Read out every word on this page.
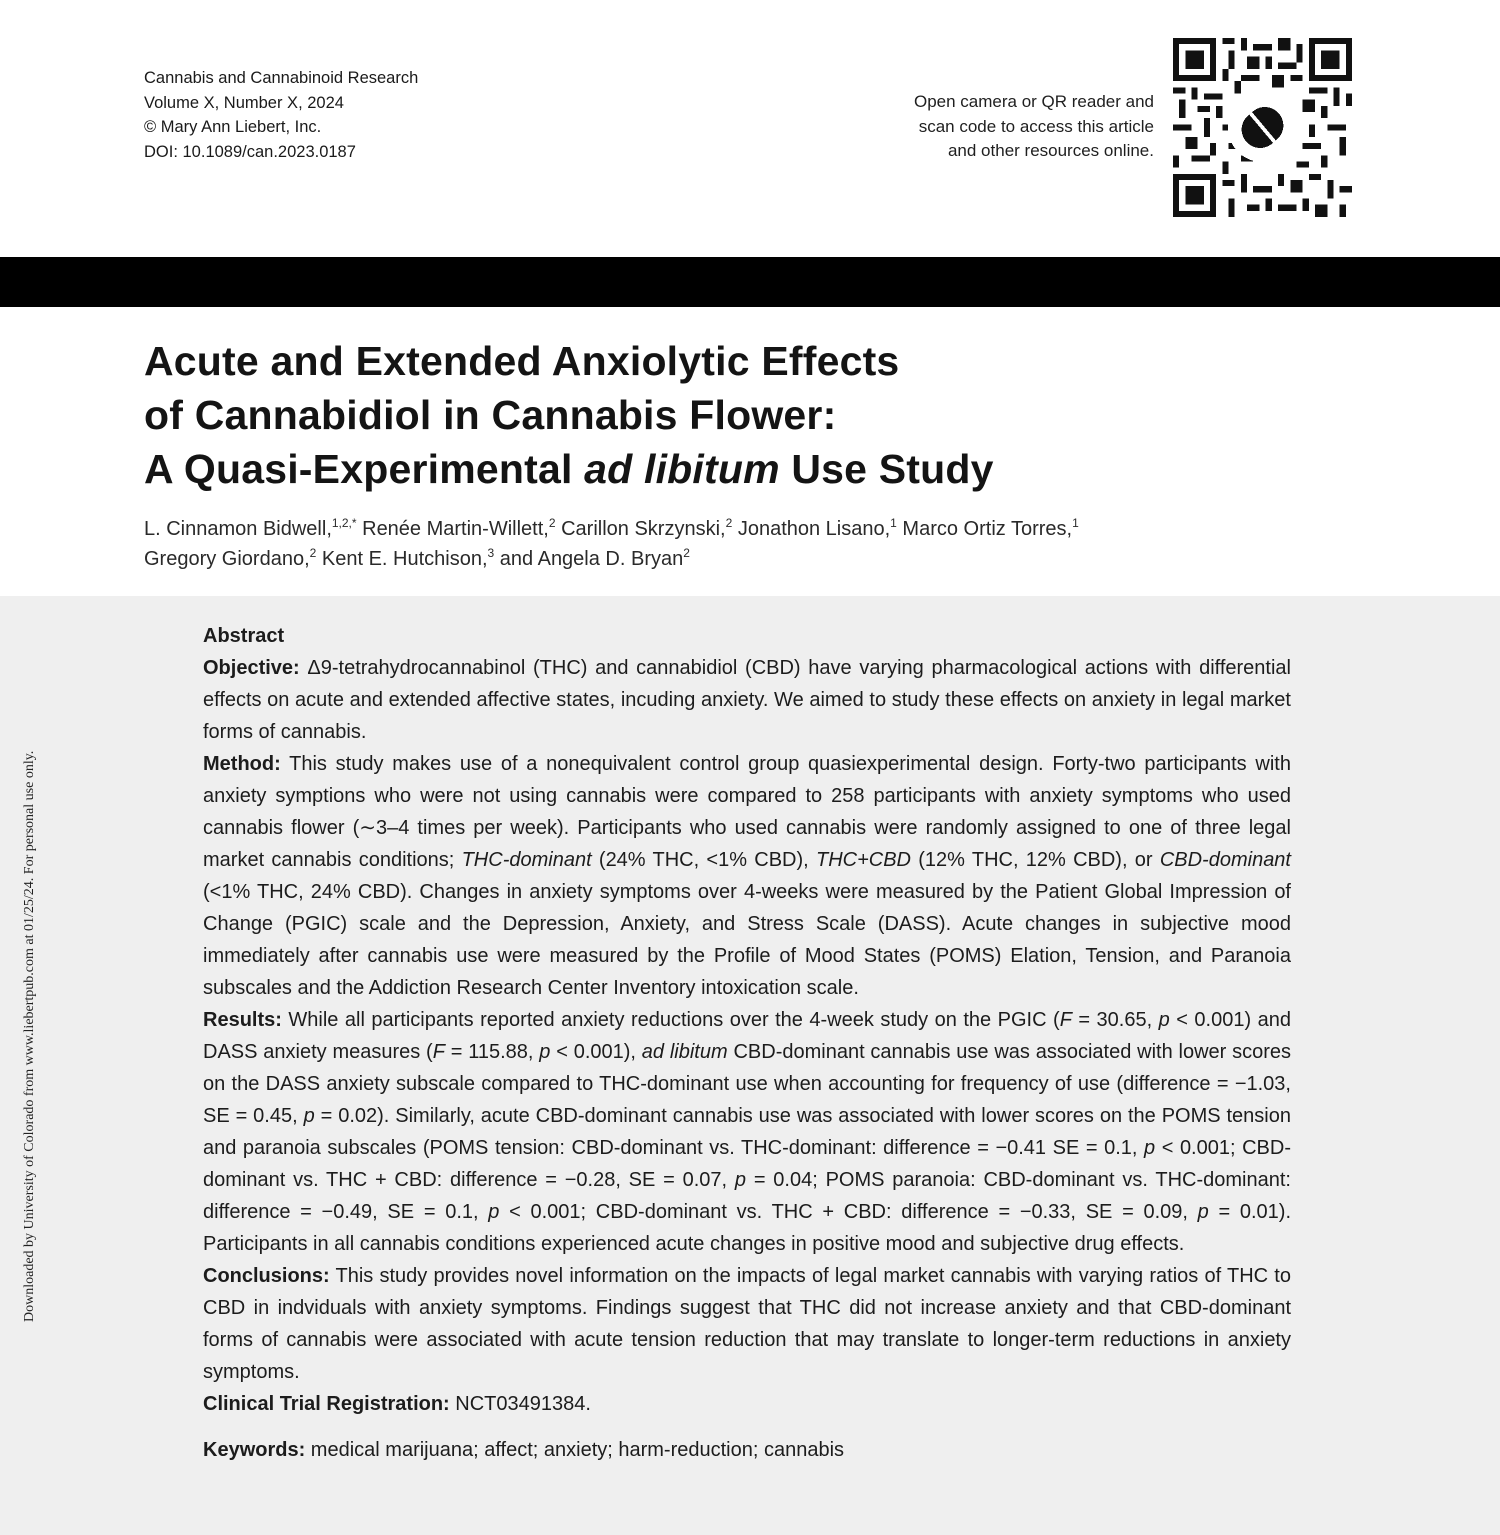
Cannabis and Cannabinoid Research
Volume X, Number X, 2024
© Mary Ann Liebert, Inc.
DOI: 10.1089/can.2023.0187
Open camera or QR reader and
scan code to access this article
and other resources online.
Acute and Extended Anxiolytic Effects
of Cannabidiol in Cannabis Flower:
A Quasi-Experimental ad libitum Use Study
L. Cinnamon Bidwell,$^{1,2,*}$ Renée Martin-Willett,$^2$ Carillon Skrzynski,$^2$ Jonathon Lisano,$^1$ Marco Ortiz Torres,$^1$
Gregory Giordano,$^2$ Kent E. Hutchison,$^3$ and Angela D. Bryan$^2$
Downloaded by University of Colorado from www.liebertpub.com at 01/25/24. For personal use only.

Abstract

Objective: Δ9-tetrahydrocannabinol (THC) and cannabidiol (CBD) have varying pharmacological actions with differential effects on acute and extended affective states, incuding anxiety. We aimed to study these effects on anxiety in legal market forms of cannabis.

Method: This study makes use of a nonequivalent control group quasiexperimental design. Forty-two participants with anxiety symptions who were not using cannabis were compared to 258 participants with anxiety symptoms who used cannabis flower (∼3–4 times per week). Participants who used cannabis were randomly assigned to one of three legal market cannabis conditions; THC-dominant (24% THC, <1% CBD), THC+CBD (12% THC, 12% CBD), or CBD-dominant (<1% THC, 24% CBD). Changes in anxiety symptoms over 4-weeks were measured by the Patient Global Impression of Change (PGIC) scale and the Depression, Anxiety, and Stress Scale (DASS). Acute changes in subjective mood immediately after cannabis use were measured by the Profile of Mood States (POMS) Elation, Tension, and Paranoia subscales and the Addiction Research Center Inventory intoxication scale.

Results: While all participants reported anxiety reductions over the 4-week study on the PGIC (F = 30.65, p < 0.001) and DASS anxiety measures (F = 115.88, p < 0.001), ad libitum CBD-dominant cannabis use was associated with lower scores on the DASS anxiety subscale compared to THC-dominant use when accounting for frequency of use (difference = −1.03, SE = 0.45, p = 0.02). Similarly, acute CBD-dominant cannabis use was associated with lower scores on the POMS tension and paranoia subscales (POMS tension: CBD-dominant vs. THC-dominant: difference = −0.41 SE = 0.1, p < 0.001; CBD-dominant vs. THC + CBD: difference = −0.28, SE = 0.07, p = 0.04; POMS paranoia: CBD-dominant vs. THC-dominant: difference = −0.49, SE = 0.1, p < 0.001; CBD-dominant vs. THC + CBD: difference = −0.33, SE = 0.09, p = 0.01). Participants in all cannabis conditions experienced acute changes in positive mood and subjective drug effects.

Conclusions: This study provides novel information on the impacts of legal market cannabis with varying ratios of THC to CBD in indviduals with anxiety symptoms. Findings suggest that THC did not increase anxiety and that CBD-dominant forms of cannabis were associated with acute tension reduction that may translate to longer-term reductions in anxiety symptoms.

Clinical Trial Registration: NCT03491384.

Keywords: medical marijuana; affect; anxiety; harm-reduction; cannabis
